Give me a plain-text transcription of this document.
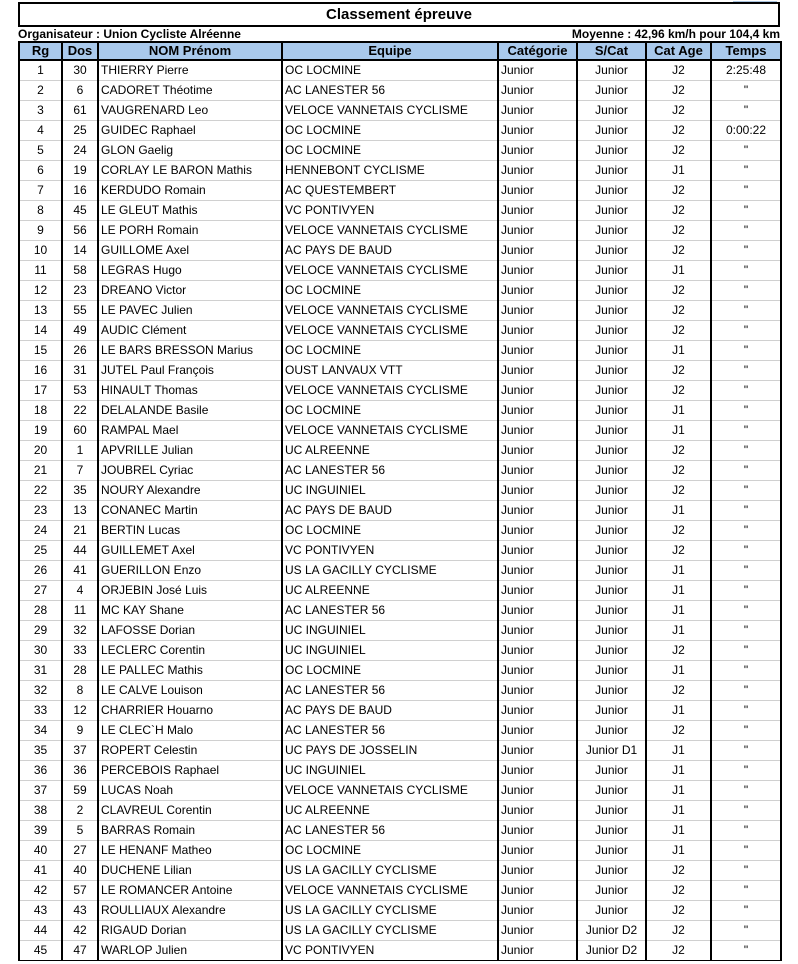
Classement épreuve
Organisateur : Union Cycliste Alréenne	Moyenne : 42,96 km/h pour 104,4 km
Rg	Dos	NOM Prénom	Equipe	Catégorie	S/Cat	Cat Age	Temps
1	30	THIERRY Pierre	OC LOCMINE	Junior	Junior	J2	2:25:48
2	6	CADORET Théotime	AC LANESTER 56	Junior	Junior	J2	"
3	61	VAUGRENARD Leo	VELOCE VANNETAIS CYCLISME	Junior	Junior	J2	"
4	25	GUIDEC Raphael	OC LOCMINE	Junior	Junior	J2	0:00:22
5	24	GLON Gaelig	OC LOCMINE	Junior	Junior	J2	"
6	19	CORLAY LE BARON Mathis	HENNEBONT CYCLISME	Junior	Junior	J1	"
7	16	KERDUDO Romain	AC QUESTEMBERT	Junior	Junior	J2	"
8	45	LE GLEUT Mathis	VC PONTIVYEN	Junior	Junior	J2	"
9	56	LE PORH Romain	VELOCE VANNETAIS CYCLISME	Junior	Junior	J2	"
10	14	GUILLOME Axel	AC PAYS DE BAUD	Junior	Junior	J2	"
11	58	LEGRAS Hugo	VELOCE VANNETAIS CYCLISME	Junior	Junior	J1	"
12	23	DREANO Victor	OC LOCMINE	Junior	Junior	J2	"
13	55	LE PAVEC Julien	VELOCE VANNETAIS CYCLISME	Junior	Junior	J2	"
14	49	AUDIC Clément	VELOCE VANNETAIS CYCLISME	Junior	Junior	J2	"
15	26	LE BARS BRESSON Marius	OC LOCMINE	Junior	Junior	J1	"
16	31	JUTEL Paul François	OUST LANVAUX VTT	Junior	Junior	J2	"
17	53	HINAULT Thomas	VELOCE VANNETAIS CYCLISME	Junior	Junior	J2	"
18	22	DELALANDE Basile	OC LOCMINE	Junior	Junior	J1	"
19	60	RAMPAL Mael	VELOCE VANNETAIS CYCLISME	Junior	Junior	J1	"
20	1	APVRILLE Julian	UC ALREENNE	Junior	Junior	J2	"
21	7	JOUBREL Cyriac	AC LANESTER 56	Junior	Junior	J2	"
22	35	NOURY Alexandre	UC INGUINIEL	Junior	Junior	J2	"
23	13	CONANEC Martin	AC PAYS DE BAUD	Junior	Junior	J1	"
24	21	BERTIN Lucas	OC LOCMINE	Junior	Junior	J2	"
25	44	GUILLEMET Axel	VC PONTIVYEN	Junior	Junior	J2	"
26	41	GUERILLON Enzo	US LA GACILLY CYCLISME	Junior	Junior	J1	"
27	4	ORJEBIN José Luis	UC ALREENNE	Junior	Junior	J1	"
28	11	MC KAY Shane	AC LANESTER 56	Junior	Junior	J1	"
29	32	LAFOSSE Dorian	UC INGUINIEL	Junior	Junior	J1	"
30	33	LECLERC Corentin	UC INGUINIEL	Junior	Junior	J2	"
31	28	LE PALLEC Mathis	OC LOCMINE	Junior	Junior	J1	"
32	8	LE CALVE Louison	AC LANESTER 56	Junior	Junior	J2	"
33	12	CHARRIER Houarno	AC PAYS DE BAUD	Junior	Junior	J1	"
34	9	LE CLEC`H Malo	AC LANESTER 56	Junior	Junior	J2	"
35	37	ROPERT Celestin	UC PAYS DE JOSSELIN	Junior	Junior D1	J1	"
36	36	PERCEBOIS Raphael	UC INGUINIEL	Junior	Junior	J1	"
37	59	LUCAS Noah	VELOCE VANNETAIS CYCLISME	Junior	Junior	J1	"
38	2	CLAVREUL Corentin	UC ALREENNE	Junior	Junior	J1	"
39	5	BARRAS Romain	AC LANESTER 56	Junior	Junior	J1	"
40	27	LE HENANF Matheo	OC LOCMINE	Junior	Junior	J1	"
41	40	DUCHENE Lilian	US LA GACILLY CYCLISME	Junior	Junior	J2	"
42	57	LE ROMANCER Antoine	VELOCE VANNETAIS CYCLISME	Junior	Junior	J2	"
43	43	ROULLIAUX Alexandre	US LA GACILLY CYCLISME	Junior	Junior	J2	"
44	42	RIGAUD Dorian	US LA GACILLY CYCLISME	Junior	Junior D2	J2	"
45	47	WARLOP Julien	VC PONTIVYEN	Junior	Junior D2	J2	"
